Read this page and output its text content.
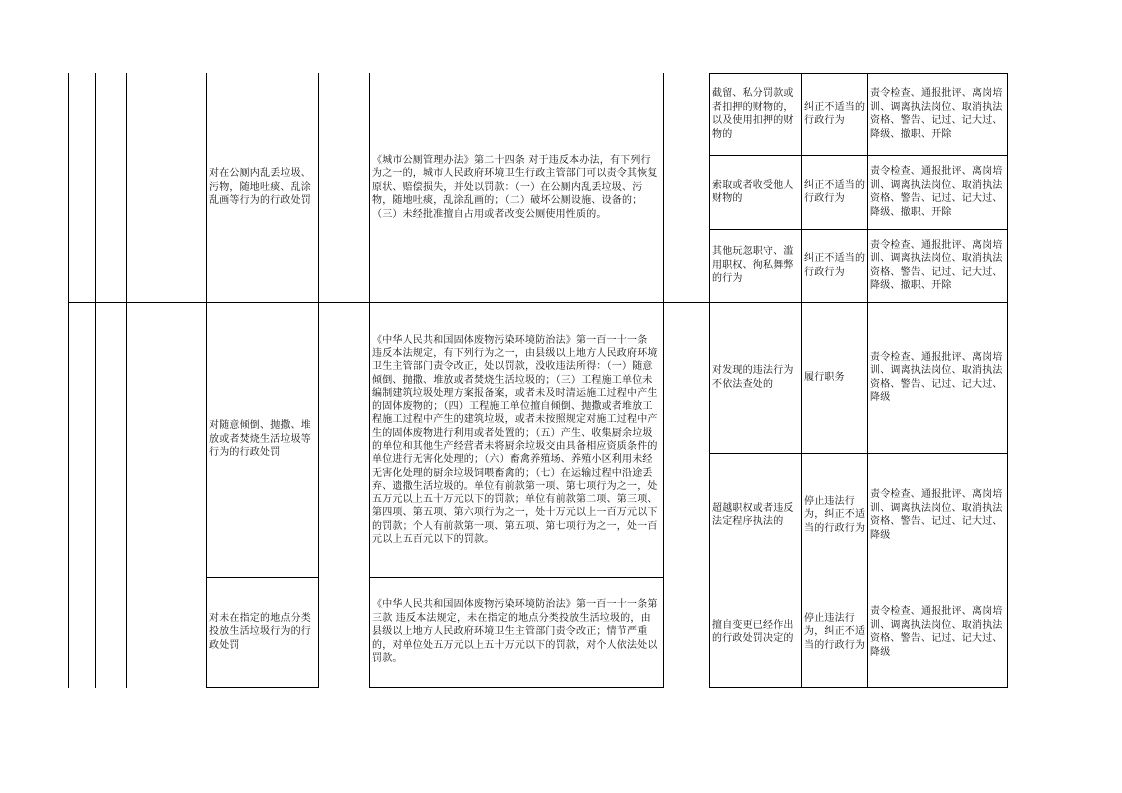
对在公厕内乱丢垃圾、污物，随地吐痰、乱涂乱画等行为的行政处罚
《城市公厕管理办法》第二十四条 对于违反本办法，有下列行为之一的，城市人民政府环境卫生行政主管部门可以责令其恢复原状、赔偿损失，并处以罚款：（一）在公厕内乱丢垃圾、污物，随地吐痰，乱涂乱画的；（二）破坏公厕设施、设备的；（三）未经批准擅自占用或者改变公厕使用性质的。
截留、私分罚款或者扣押的财物的，以及使用扣押的财物的
纠正不适当的行政行为
责令检查、通报批评、离岗培训、调离执法岗位、取消执法资格、警告、记过、记大过、降级、撤职、开除
索取或者收受他人财物的
纠正不适当的行政行为
责令检查、通报批评、离岗培训、调离执法岗位、取消执法资格、警告、记过、记大过、降级、撤职、开除
其他玩忽职守、滥用职权、徇私舞弊的行为
纠正不适当的行政行为
责令检查、通报批评、离岗培训、调离执法岗位、取消执法资格、警告、记过、记大过、降级、撤职、开除
对随意倾倒、抛撒、堆放或者焚烧生活垃圾等行为的行政处罚
《中华人民共和国固体废物污染环境防治法》第一百一十一条 违反本法规定，有下列行为之一，由县级以上地方人民政府环境卫生主管部门责令改正，处以罚款，没收违法所得：（一）随意倾倒、抛撒、堆放或者焚烧生活垃圾的；（三）工程施工单位未编制建筑垃圾处理方案报备案，或者未及时清运施工过程中产生的固体废物的；（四）工程施工单位擅自倾倒、抛撒或者堆放工程施工过程中产生的建筑垃圾，或者未按照规定对施工过程中产生的固体废物进行利用或者处置的；（五）产生、收集厨余垃圾的单位和其他生产经营者未将厨余垃圾交由具备相应资质条件的单位进行无害化处理的；（六）畜禽养殖场、养殖小区利用未经无害化处理的厨余垃圾饲喂畜禽的；（七）在运输过程中沿途丢弃、遗撒生活垃圾的。单位有前款第一项、第七项行为之一，处五万元以上五十万元以下的罚款；单位有前款第二项、第三项、第四项、第五项、第六项行为之一，处十万元以上一百万元以下的罚款；个人有前款第一项、第五项、第七项行为之一，处一百元以上五百元以下的罚款。
对发现的违法行为不依法查处的
履行职务
责令检查、通报批评、离岗培训、调离执法岗位、取消执法资格、警告、记过、记大过、降级
超越职权或者违反法定程序执法的
停止违法行为，纠正不适当的行政行为
责令检查、通报批评、离岗培训、调离执法岗位、取消执法资格、警告、记过、记大过、降级
对未在指定的地点分类投放生活垃圾行为的行政处罚
《中华人民共和国固体废物污染环境防治法》第一百一十一条第三款 违反本法规定，未在指定的地点分类投放生活垃圾的，由县级以上地方人民政府环境卫生主管部门责令改正；情节严重的，对单位处五万元以上五十万元以下的罚款，对个人依法处以罚款。
擅自变更已经作出的行政处罚决定的
停止违法行为，纠正不适当的行政行为
责令检查、通报批评、离岗培训、调离执法岗位、取消执法资格、警告、记过、记大过、降级
